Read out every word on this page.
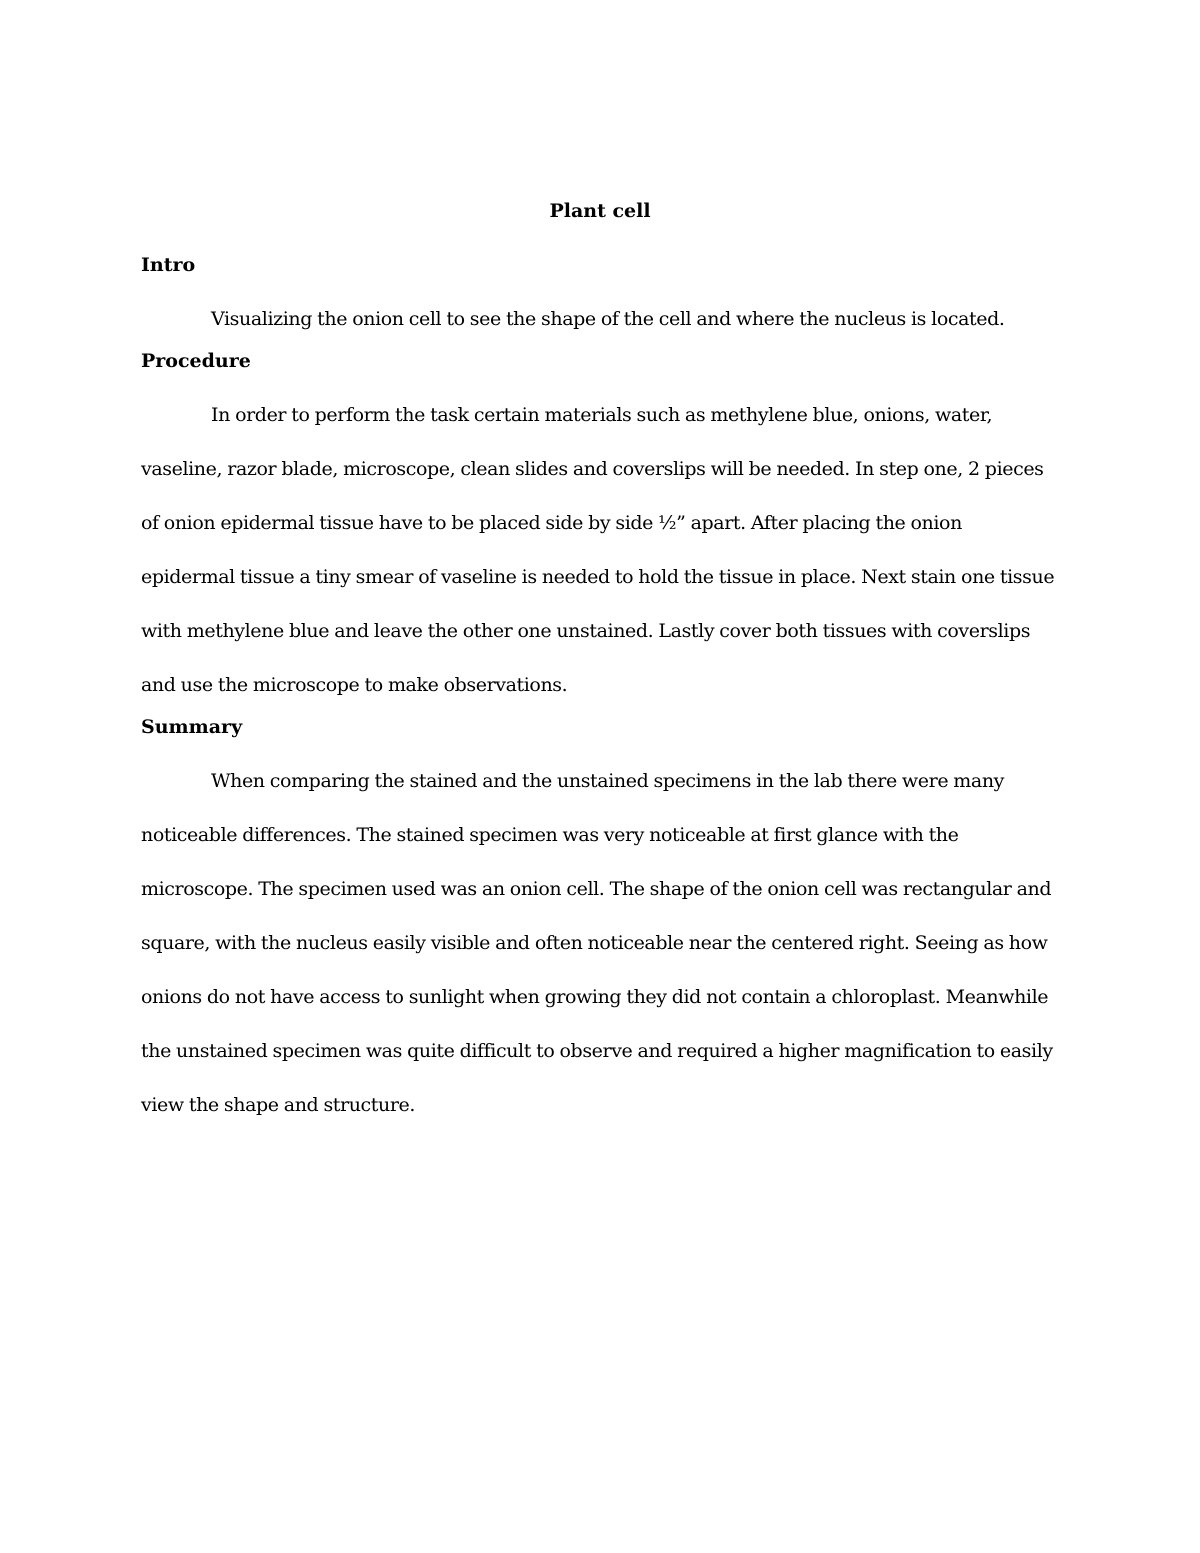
Plant cell
Intro

Visualizing the onion cell to see the shape of the cell and where the nucleus is located.

Procedure

In order to perform the task certain materials such as methylene blue, onions, water, vaseline, razor blade, microscope, clean slides and coverslips will be needed. In step one, 2 pieces of onion epidermal tissue have to be placed side by side ½” apart. After placing the onion epidermal tissue a tiny smear of vaseline is needed to hold the tissue in place. Next stain one tissue with methylene blue and leave the other one unstained. Lastly cover both tissues with coverslips and use the microscope to make observations.

Summary

When comparing the stained and the unstained specimens in the lab there were many noticeable differences. The stained specimen was very noticeable at first glance with the microscope. The specimen used was an onion cell. The shape of the onion cell was rectangular and square, with the nucleus easily visible and often noticeable near the centered right. Seeing as how onions do not have access to sunlight when growing they did not contain a chloroplast. Meanwhile the unstained specimen was quite difficult to observe and required a higher magnification to easily view the shape and structure.
